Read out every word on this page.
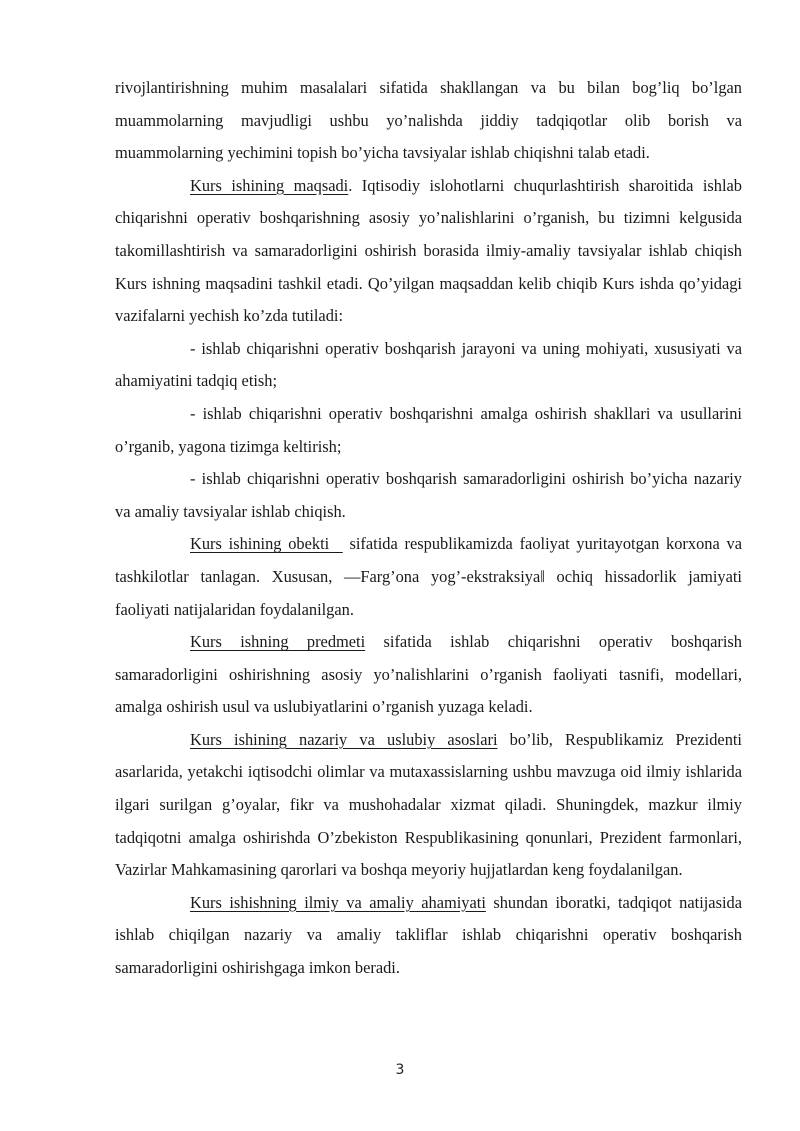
rivojlantirishning muhim masalalari sifatida shakllangan va bu bilan bog’liq bo’lgan muammolarning mavjudligi ushbu yo’nalishda jiddiy tadqiqotlar olib borish va muammolarning yechimini topish bo’yicha tavsiyalar ishlab chiqishni talab etadi.

Kurs ishining maqsadi. Iqtisodiy islohotlarni chuqurlashtirish sharoitida ishlab chiqarishni operativ boshqarishning asosiy yo’nalishlarini o’rganish, bu tizimni kelgusida takomillashtirish va samaradorligini oshirish borasida ilmiy-amaliy tavsiyalar ishlab chiqish Kurs ishning maqsadini tashkil etadi. Qo’yilgan maqsaddan kelib chiqib Kurs ishda qo’yidagi vazifalarni yechish ko’zda tutiladi:

- ishlab chiqarishni operativ boshqarish jarayoni va uning mohiyati, xususiyati va ahamiyatini tadqiq etish;

- ishlab chiqarishni operativ boshqarishni amalga oshirish shakllari va usullarini o’rganib, yagona tizimga keltirish;

- ishlab chiqarishni operativ boshqarish samaradorligini oshirish bo’yicha nazariy va amaliy tavsiyalar ishlab chiqish.

Kurs ishining obekti   sifatida respublikamizda faoliyat yuritayotgan korxona va tashkilotlar tanlagan. Xususan, ―Farg’ona yog’-ekstraksiya‖ ochiq hissadorlik jamiyati faoliyati natijalaridan foydalanilgan.

Kurs ishning predmeti sifatida ishlab chiqarishni operativ boshqarish samaradorligini oshirishning asosiy yo’nalishlarini o’rganish faoliyati tasnifi, modellari, amalga oshirish usul va uslubiyatlarini o’rganish yuzaga keladi.

Kurs ishining nazariy va uslubiy asoslari bo’lib, Respublikamiz Prezidenti asarlarida, yetakchi iqtisodchi olimlar va mutaxassislarning ushbu mavzuga oid ilmiy ishlarida ilgari surilgan g’oyalar, fikr va mushohadalar xizmat qiladi. Shuningdek, mazkur ilmiy tadqiqotni amalga oshirishda O’zbekiston Respublikasining qonunlari, Prezident farmonlari, Vazirlar Mahkamasining qarorlari va boshqa meyoriy hujjatlardan keng foydalanilgan.

Kurs ishishning ilmiy va amaliy ahamiyati shundan iboratki, tadqiqot natijasida ishlab chiqilgan nazariy va amaliy takliflar ishlab chiqarishni operativ boshqarish samaradorligini oshirishgaga imkon beradi.

3
